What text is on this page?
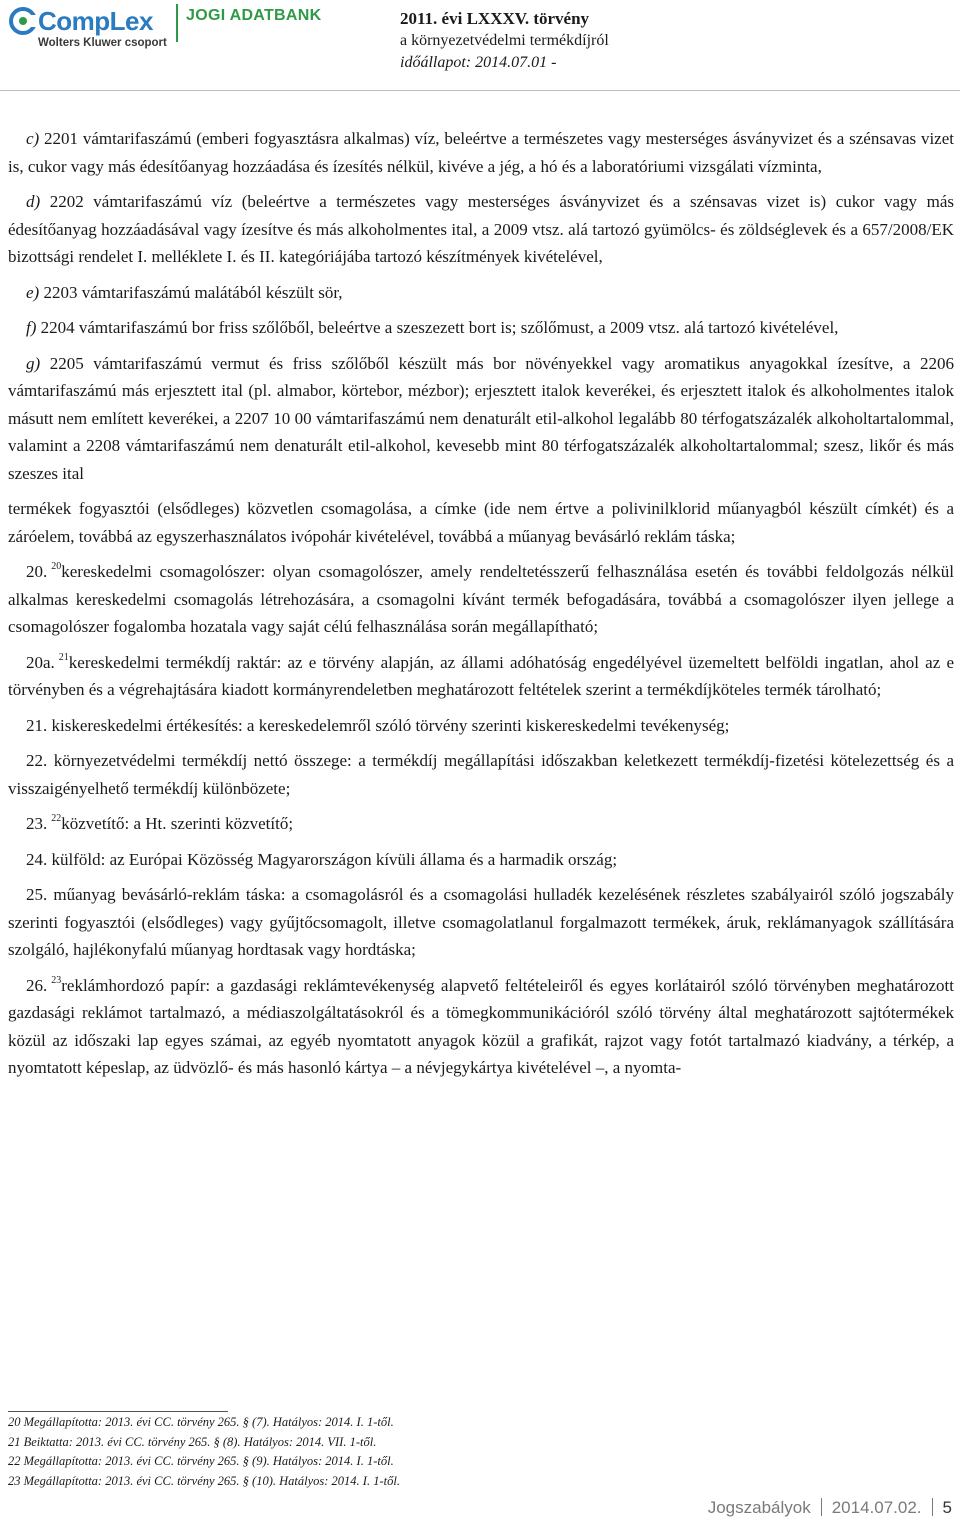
CompLex
Wolters Kluwer csoport
JOGI ADATBANK	2011. évi LXXXV. törvény
a környezetvédelmi termékdíjról
időállapot: 2014.07.01 -

c) 2201 vámtarifaszámú (emberi fogyasztásra alkalmas) víz, beleértve a természetes vagy mesterséges ásványvizet és a szénsavas vizet is, cukor vagy más édesítőanyag hozzáadása és ízesítés nélkül, kivéve a jég, a hó és a laboratóriumi vizsgálati vízminta,

d) 2202 vámtarifaszámú víz (beleértve a természetes vagy mesterséges ásványvizet és a szénsavas vizet is) cukor vagy más édesítőanyag hozzáadásával vagy ízesítve és más alkoholmentes ital, a 2009 vtsz. alá tartozó gyümölcs- és zöldséglevek és a 657/2008/EK bizottsági rendelet I. melléklete I. és II. kategóriájába tartozó készítmények kivételével,

e) 2203 vámtarifaszámú malátából készült sör,

f) 2204 vámtarifaszámú bor friss szőlőből, beleértve a szeszezett bort is; szőlőmust, a 2009 vtsz. alá tartozó kivételével,

g) 2205 vámtarifaszámú vermut és friss szőlőből készült más bor növényekkel vagy aromatikus anyagokkal ízesítve, a 2206 vámtarifaszámú más erjesztett ital (pl. almabor, körtebor, mézbor); erjesztett italok keverékei, és erjesztett italok és alkoholmentes italok másutt nem említett keverékei, a 2207 10 00 vámtarifaszámú nem denaturált etil-alkohol legalább 80 térfogatszázalék alkoholtartalommal, valamint a 2208 vámtarifaszámú nem denaturált etil-alkohol, kevesebb mint 80 térfogatszázalék alkoholtartalommal; szesz, likőr és más szeszes ital

termékek fogyasztói (elsődleges) közvetlen csomagolása, a címke (ide nem értve a polivinilklorid műanyagból készült címkét) és a záróelem, továbbá az egyszerhasználatos ivópohár kivételével, továbbá a műanyag bevásárló reklám táska;

20. $^{20}$kereskedelmi csomagolószer: olyan csomagolószer, amely rendeltetésszerű felhasználása esetén és további feldolgozás nélkül alkalmas kereskedelmi csomagolás létrehozására, a csomagolni kívánt termék befogadására, továbbá a csomagolószer ilyen jellege a csomagolószer fogalomba hozatala vagy saját célú felhasználása során megállapítható;

20a. $^{21}$kereskedelmi termékdíj raktár: az e törvény alapján, az állami adóhatóság engedélyével üzemeltett belföldi ingatlan, ahol az e törvényben és a végrehajtására kiadott kormányrendeletben meghatározott feltételek szerint a termékdíjköteles termék tárolható;

21. kiskereskedelmi értékesítés: a kereskedelemről szóló törvény szerinti kiskereskedelmi tevékenység;

22. környezetvédelmi termékdíj nettó összege: a termékdíj megállapítási időszakban keletkezett termékdíj-fizetési kötelezettség és a visszaigényelhető termékdíj különbözete;

23. $^{22}$közvetítő: a Ht. szerinti közvetítő;

24. külföld: az Európai Közösség Magyarországon kívüli állama és a harmadik ország;

25. műanyag bevásárló-reklám táska: a csomagolásról és a csomagolási hulladék kezelésének részletes szabályairól szóló jogszabály szerinti fogyasztói (elsődleges) vagy gyűjtőcsomagolt, illetve csomagolatlanul forgalmazott termékek, áruk, reklámanyagok szállítására szolgáló, hajlékonyfalú műanyag hordtasak vagy hordtáska;

26. $^{23}$reklámhordozó papír: a gazdasági reklámtevékenység alapvető feltételeiről és egyes korlátairól szóló törvényben meghatározott gazdasági reklámot tartalmazó, a médiaszolgáltatásokról és a tömegkommunikációról szóló törvény által meghatározott sajtótermékek közül az időszaki lap egyes számai, az egyéb nyomtatott anyagok közül a grafikát, rajzot vagy fotót tartalmazó kiadvány, a térkép, a nyomtatott képeslap, az üdvözlő- és más hasonló kártya – a névjegykártya kivételével –, a nyomta-

20 Megállapította: 2013. évi CC. törvény 265. § (7). Hatályos: 2014. I. 1-től.
21 Beiktatta: 2013. évi CC. törvény 265. § (8). Hatályos: 2014. VII. 1-től.
22 Megállapította: 2013. évi CC. törvény 265. § (9). Hatályos: 2014. I. 1-től.
23 Megállapította: 2013. évi CC. törvény 265. § (10). Hatályos: 2014. I. 1-től.
Jogszabályok 2014.07.02. 5
